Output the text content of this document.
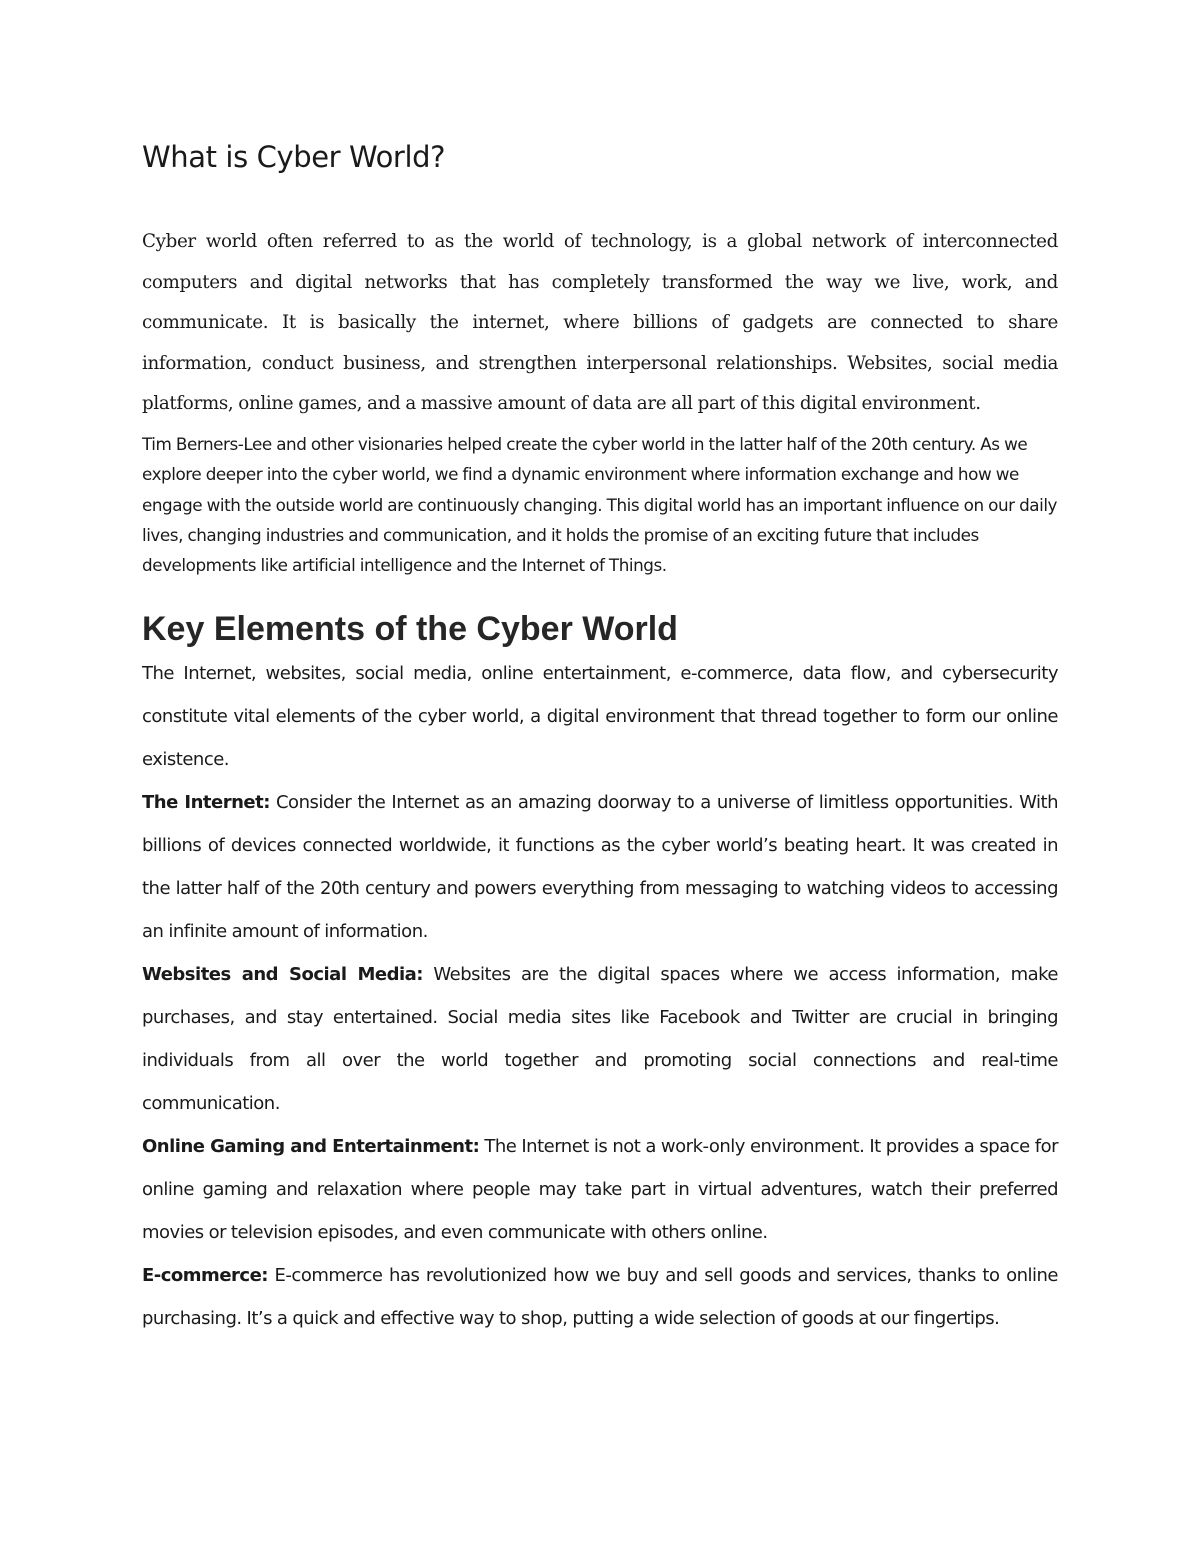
What is Cyber World?

Cyber world often referred to as the world of technology, is a global network of interconnected computers and digital networks that has completely transformed the way we live, work, and communicate. It is basically the internet, where billions of gadgets are connected to share information, conduct business, and strengthen interpersonal relationships. Websites, social media platforms, online games, and a massive amount of data are all part of this digital environment.

Tim Berners-Lee and other visionaries helped create the cyber world in the latter half of the 20th century. As we explore deeper into the cyber world, we find a dynamic environment where information exchange and how we engage with the outside world are continuously changing. This digital world has an important influence on our daily lives, changing industries and communication, and it holds the promise of an exciting future that includes developments like artificial intelligence and the Internet of Things.

Key Elements of the Cyber World

The Internet, websites, social media, online entertainment, e-commerce, data flow, and cybersecurity constitute vital elements of the cyber world, a digital environment that thread together to form our online existence.

The Internet: Consider the Internet as an amazing doorway to a universe of limitless opportunities. With billions of devices connected worldwide, it functions as the cyber world’s beating heart. It was created in the latter half of the 20th century and powers everything from messaging to watching videos to accessing an infinite amount of information.

Websites and Social Media: Websites are the digital spaces where we access information, make purchases, and stay entertained. Social media sites like Facebook and Twitter are crucial in bringing individuals from all over the world together and promoting social connections and real-time communication.

Online Gaming and Entertainment: The Internet is not a work-only environment. It provides a space for online gaming and relaxation where people may take part in virtual adventures, watch their preferred movies or television episodes, and even communicate with others online.

E-commerce: E-commerce has revolutionized how we buy and sell goods and services, thanks to online purchasing. It’s a quick and effective way to shop, putting a wide selection of goods at our fingertips.
